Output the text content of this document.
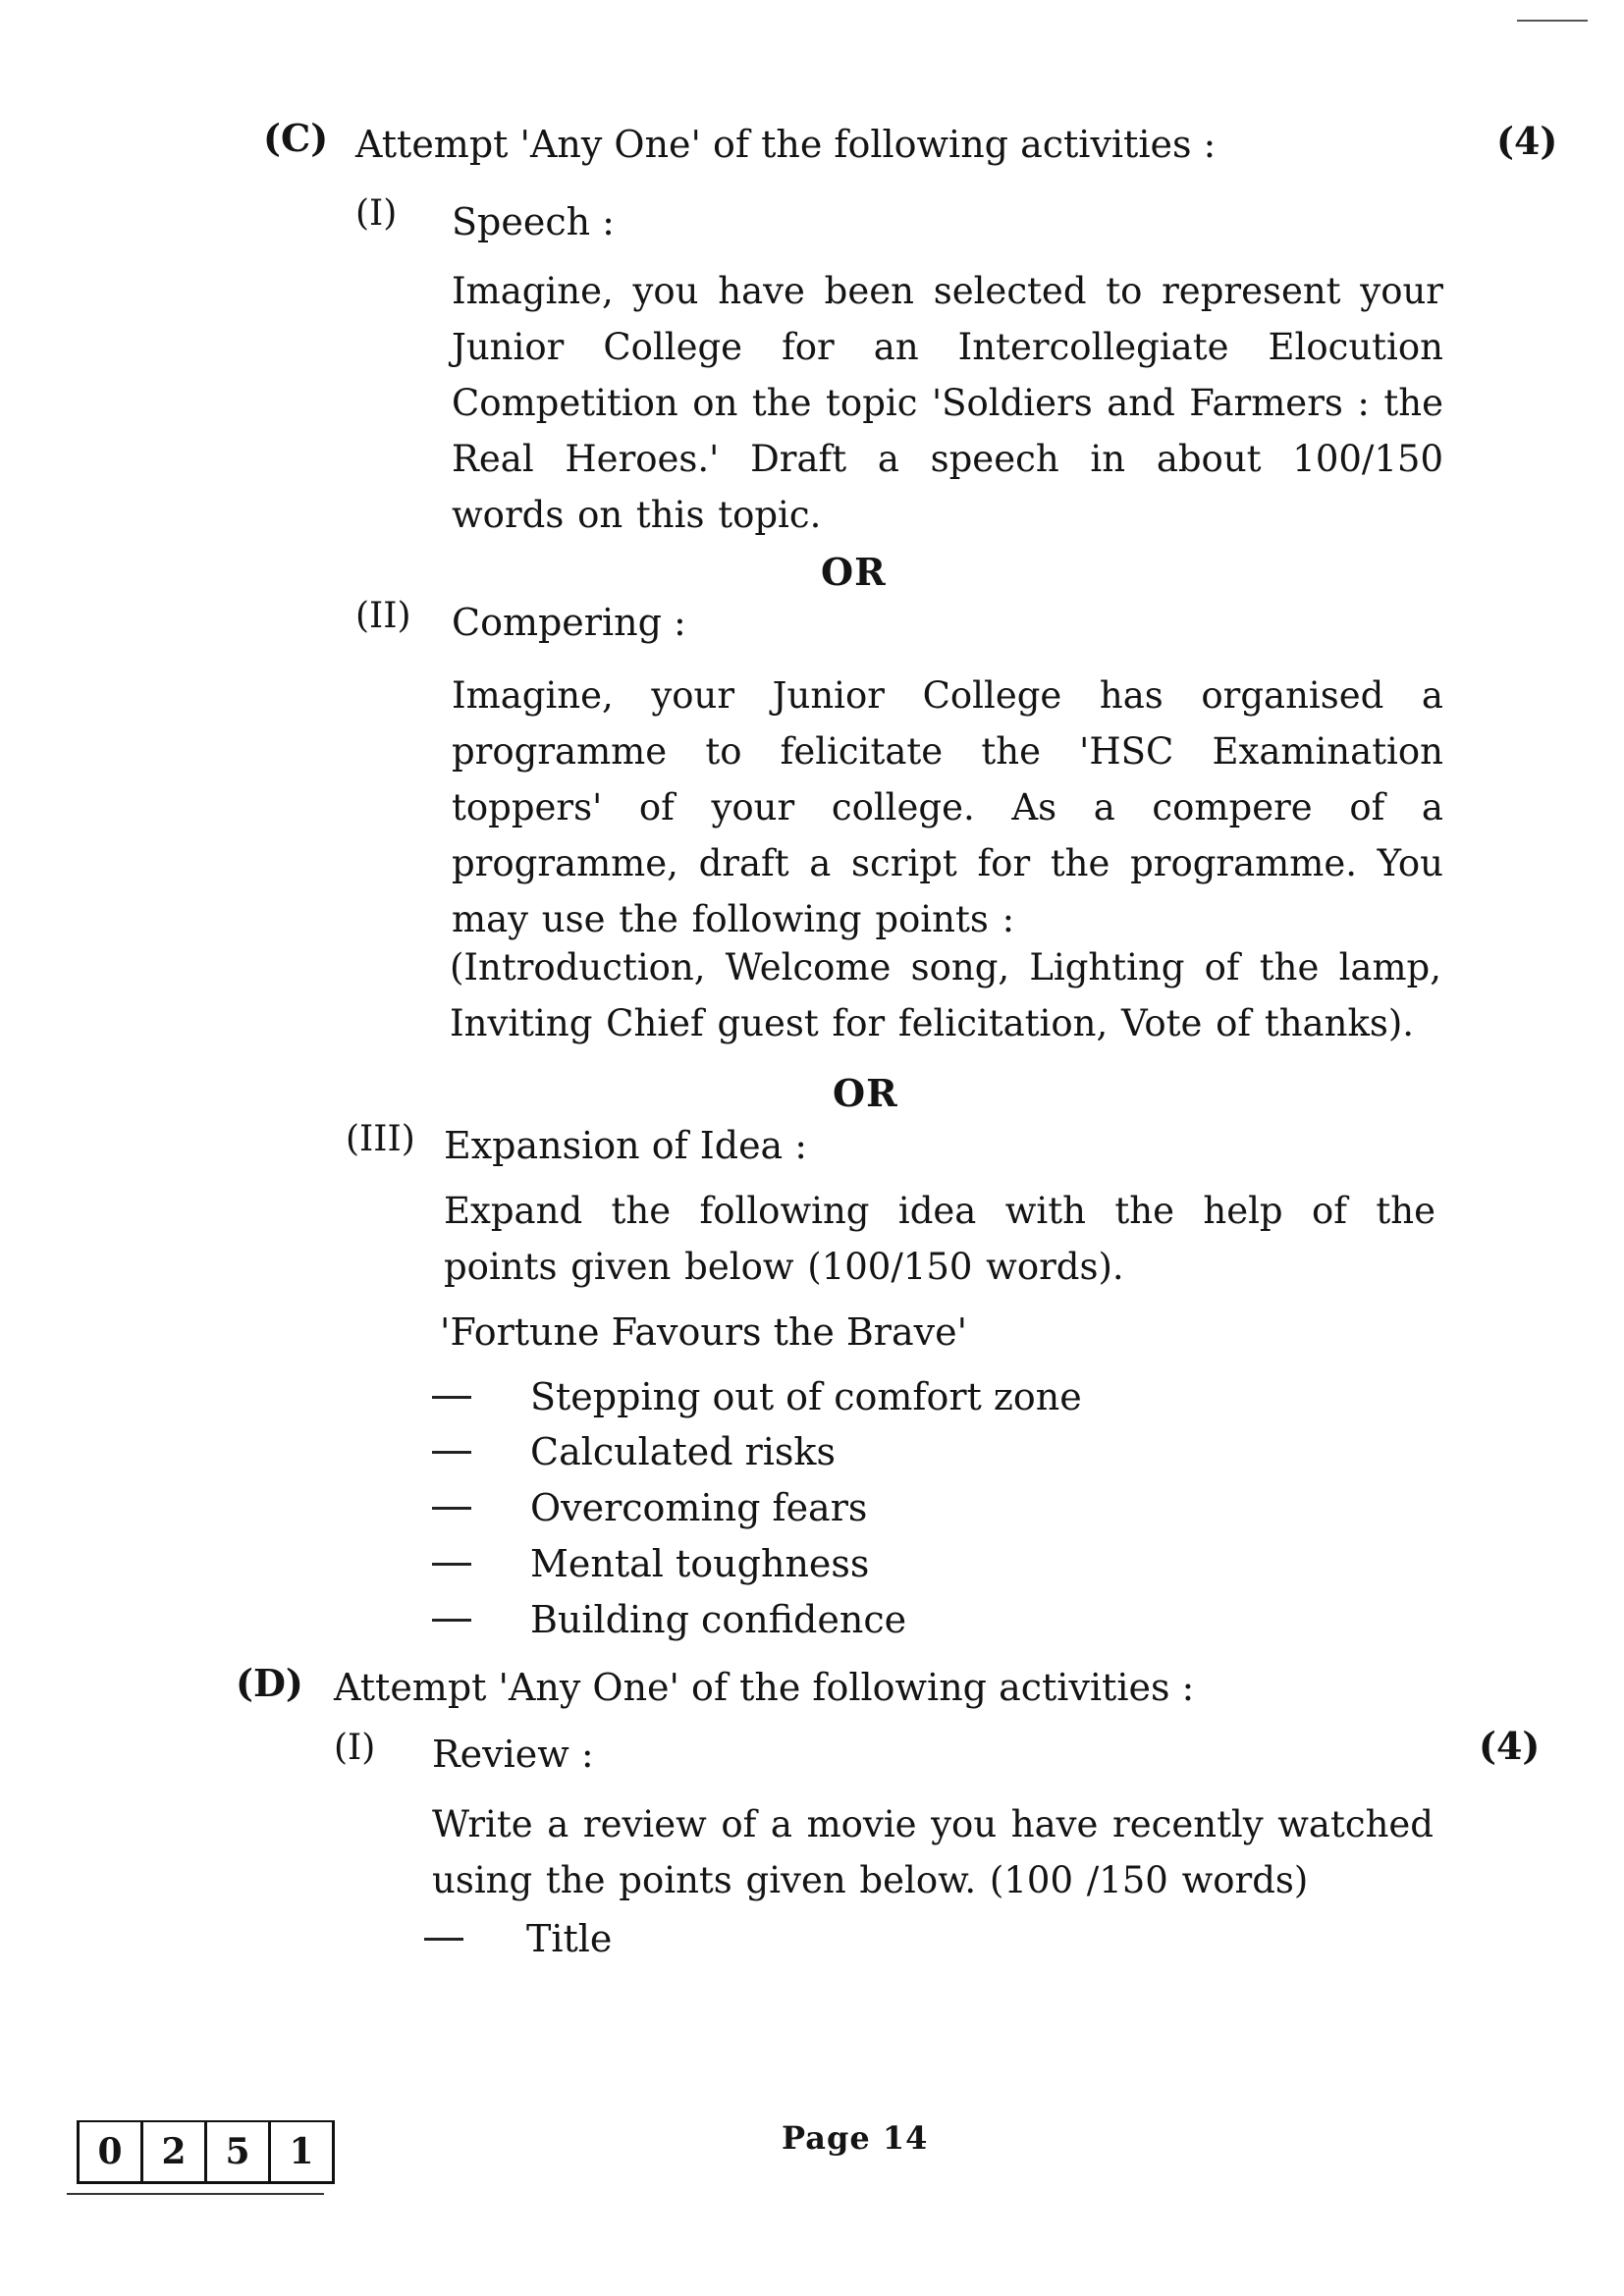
(C) Attempt 'Any One' of the following activities :	(4)
(I) Speech :
Imagine, you have been selected to represent your Junior College for an Intercollegiate Elocution Competition on the topic 'Soldiers and Farmers : the Real Heroes.' Draft a speech in about 100/150 words on this topic.
OR
(II) Compering :
Imagine, your Junior College has organised a programme to felicitate the 'HSC Examination toppers' of your college. As a compere of a programme, draft a script for the programme. You may use the following points :
(Introduction, Welcome song, Lighting of the lamp, Inviting Chief guest for felicitation, Vote of thanks).
OR
(III) Expansion of Idea :
Expand the following idea with the help of the points given below (100/150 words).
'Fortune Favours the Brave'
Stepping out of comfort zone
Calculated risks
Overcoming fears
Mental toughness
Building confidence
(D) Attempt 'Any One' of the following activities :
(4)
(I) Review :
Write a review of a movie you have recently watched using the points given below. (100 /150 words)
Title
0	2	5	1	Page 14
